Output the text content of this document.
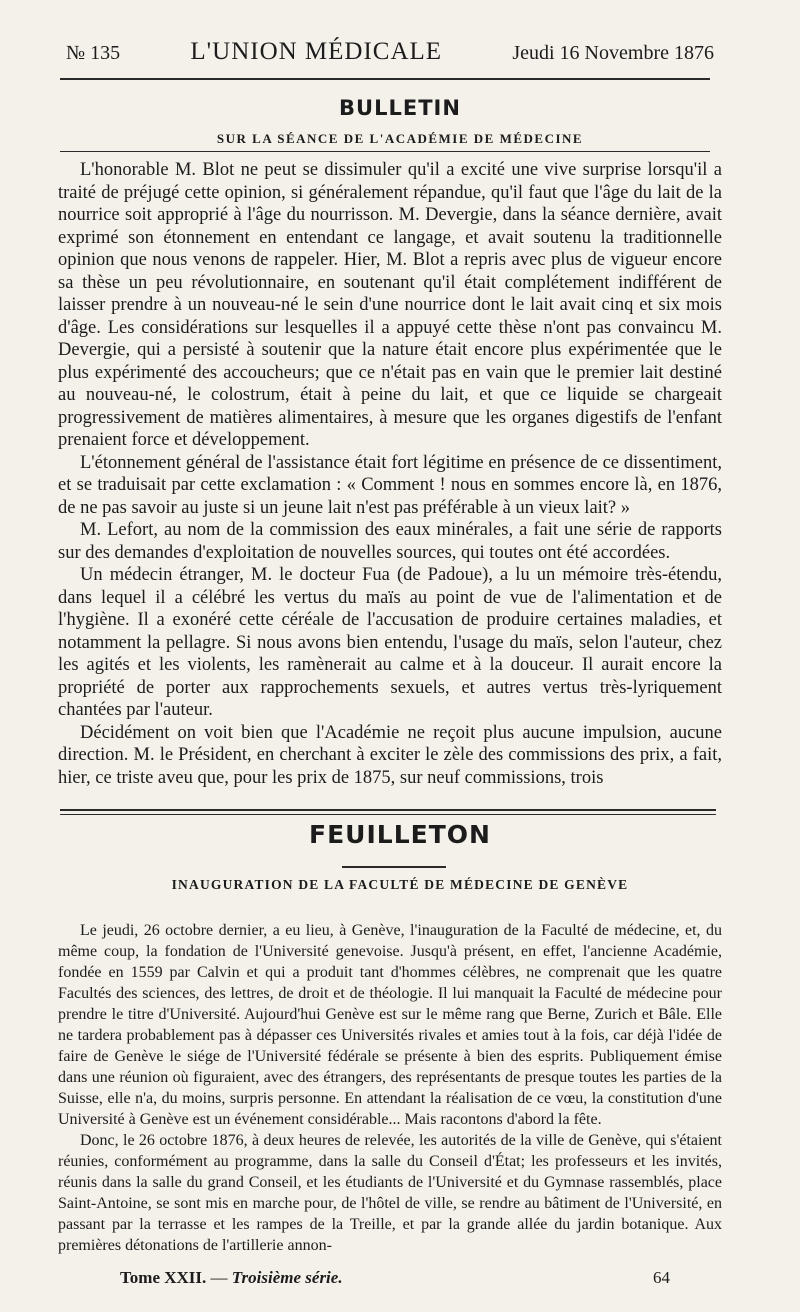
№ 135	L'UNION MÉDICALE	Jeudi 16 Novembre 1876
BULLETIN
SUR LA SÉANCE DE L'ACADÉMIE DE MÉDECINE

L'honorable M. Blot ne peut se dissimuler qu'il a excité une vive surprise lorsqu'il a traité de préjugé cette opinion, si généralement répandue, qu'il faut que l'âge du lait de la nourrice soit approprié à l'âge du nourrisson. M. Devergie, dans la séance dernière, avait exprimé son étonnement en entendant ce langage, et avait soutenu la traditionnelle opinion que nous venons de rappeler. Hier, M. Blot a repris avec plus de vigueur encore sa thèse un peu révolutionnaire, en soutenant qu'il était complétement indifférent de laisser prendre à un nouveau-né le sein d'une nourrice dont le lait avait cinq et six mois d'âge. Les considérations sur lesquelles il a appuyé cette thèse n'ont pas convaincu M. Devergie, qui a persisté à soutenir que la nature était encore plus expérimentée que le plus expérimenté des accoucheurs; que ce n'était pas en vain que le premier lait destiné au nouveau-né, le colostrum, était à peine du lait, et que ce liquide se chargeait progressivement de matières alimentaires, à mesure que les organes digestifs de l'enfant prenaient force et développement.

L'étonnement général de l'assistance était fort légitime en présence de ce dissentiment, et se traduisait par cette exclamation : « Comment ! nous en sommes encore là, en 1876, de ne pas savoir au juste si un jeune lait n'est pas préférable à un vieux lait? »

M. Lefort, au nom de la commission des eaux minérales, a fait une série de rapports sur des demandes d'exploitation de nouvelles sources, qui toutes ont été accordées.

Un médecin étranger, M. le docteur Fua (de Padoue), a lu un mémoire très-étendu, dans lequel il a célébré les vertus du maïs au point de vue de l'alimentation et de l'hygiène. Il a exonéré cette céréale de l'accusation de produire certaines maladies, et notamment la pellagre. Si nous avons bien entendu, l'usage du maïs, selon l'auteur, chez les agités et les violents, les ramènerait au calme et à la douceur. Il aurait encore la propriété de porter aux rapprochements sexuels, et autres vertus très-lyriquement chantées par l'auteur.

Décidément on voit bien que l'Académie ne reçoit plus aucune impulsion, aucune direction. M. le Président, en cherchant à exciter le zèle des commissions des prix, a fait, hier, ce triste aveu que, pour les prix de 1875, sur neuf commissions, trois

FEUILLETON
INAUGURATION DE LA FACULTÉ DE MÉDECINE DE GENÈVE

Le jeudi, 26 octobre dernier, a eu lieu, à Genève, l'inauguration de la Faculté de médecine, et, du même coup, la fondation de l'Université genevoise. Jusqu'à présent, en effet, l'ancienne Académie, fondée en 1559 par Calvin et qui a produit tant d'hommes célèbres, ne comprenait que les quatre Facultés des sciences, des lettres, de droit et de théologie. Il lui manquait la Faculté de médecine pour prendre le titre d'Université. Aujourd'hui Genève est sur le même rang que Berne, Zurich et Bâle. Elle ne tardera probablement pas à dépasser ces Universités rivales et amies tout à la fois, car déjà l'idée de faire de Genève le siége de l'Université fédérale se présente à bien des esprits. Publiquement émise dans une réunion où figuraient, avec des étrangers, des représentants de presque toutes les parties de la Suisse, elle n'a, du moins, surpris personne. En attendant la réalisation de ce vœu, la constitution d'une Université à Genève est un événement considérable... Mais racontons d'abord la fête.

Donc, le 26 octobre 1876, à deux heures de relevée, les autorités de la ville de Genève, qui s'étaient réunies, conformément au programme, dans la salle du Conseil d'État; les professeurs et les invités, réunis dans la salle du grand Conseil, et les étudiants de l'Université et du Gymnase rassemblés, place Saint-Antoine, se sont mis en marche pour, de l'hôtel de ville, se rendre au bâtiment de l'Université, en passant par la terrasse et les rampes de la Treille, et par la grande allée du jardin botanique. Aux premières détonations de l'artillerie annon-

Tome XXII. — Troisième série.	64
